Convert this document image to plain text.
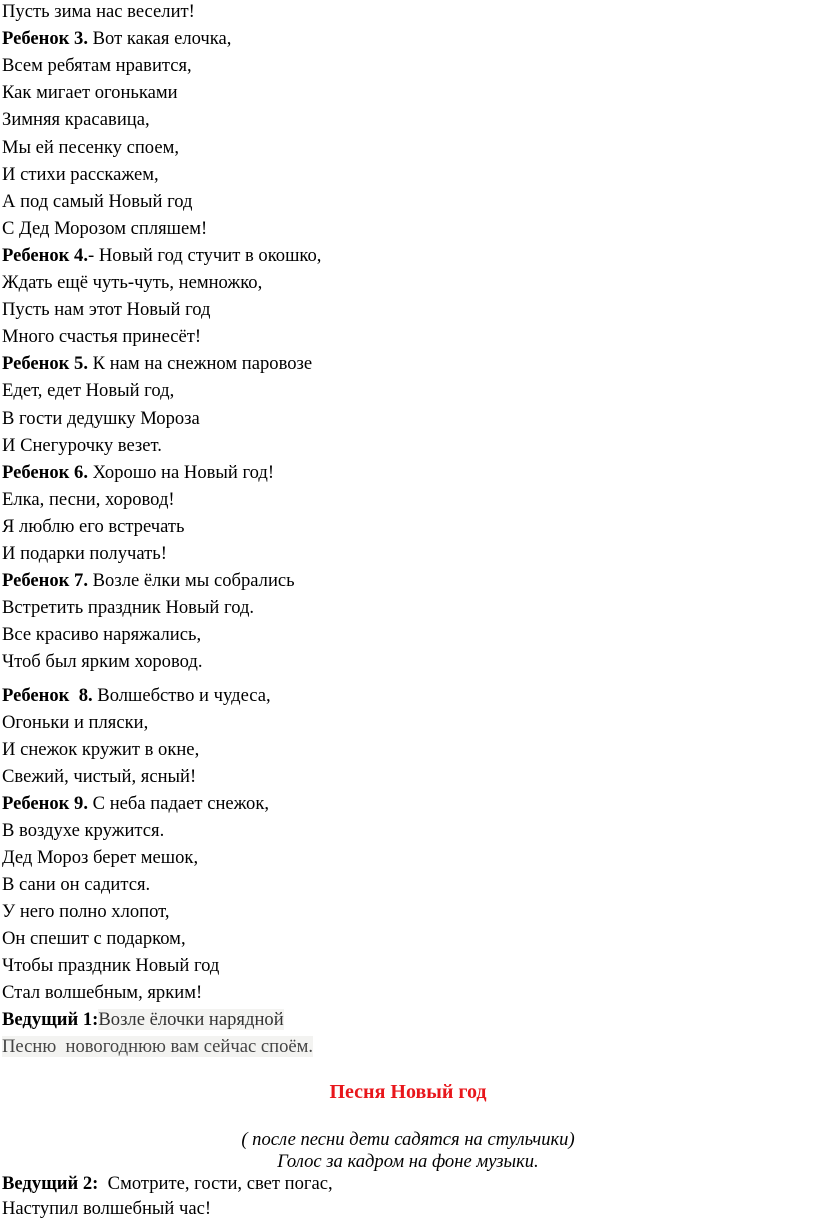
Пусть зима нас веселит!
Ребенок 3. Вот какая елочка,
Всем ребятам нравится,
Как мигает огоньками
Зимняя красавица,
Мы ей песенку споем,
И стихи расскажем,
А под самый Новый год
С Дед Морозом спляшем!
Ребенок 4.- Новый год стучит в окошко,
Ждать ещё чуть-чуть, немножко,
Пусть нам этот Новый год
Много счастья принесёт!
Ребенок 5. К нам на снежном паровозе
Едет, едет Новый год,
В гости дедушку Мороза
И Снегурочку везет.
Ребенок 6. Хорошо на Новый год!
Елка, песни, хоровод!
Я люблю его встречать
И подарки получать!
Ребенок 7. Возле ёлки мы собрались
Встретить праздник Новый год.
Все красиво наряжались,
Чтоб был ярким хоровод.
Ребенок  8. Волшебство и чудеса,
Огоньки и пляски,
И снежок кружит в окне,
Свежий, чистый, ясный!
Ребенок 9. С неба падает снежок,
В воздухе кружится.
Дед Мороз берет мешок,
В сани он садится.
У него полно хлопот,
Он спешит с подарком,
Чтобы праздник Новый год
Стал волшебным, ярким!
Ведущий 1:Возле ёлочки нарядной
Песню  новогоднюю вам сейчас споём.
Песня Новый год
( после песни дети садятся на стульчики)
Голос за кадром на фоне музыки.
Ведущий 2:  Смотрите, гости, свет погас,
Наступил волшебный час!
